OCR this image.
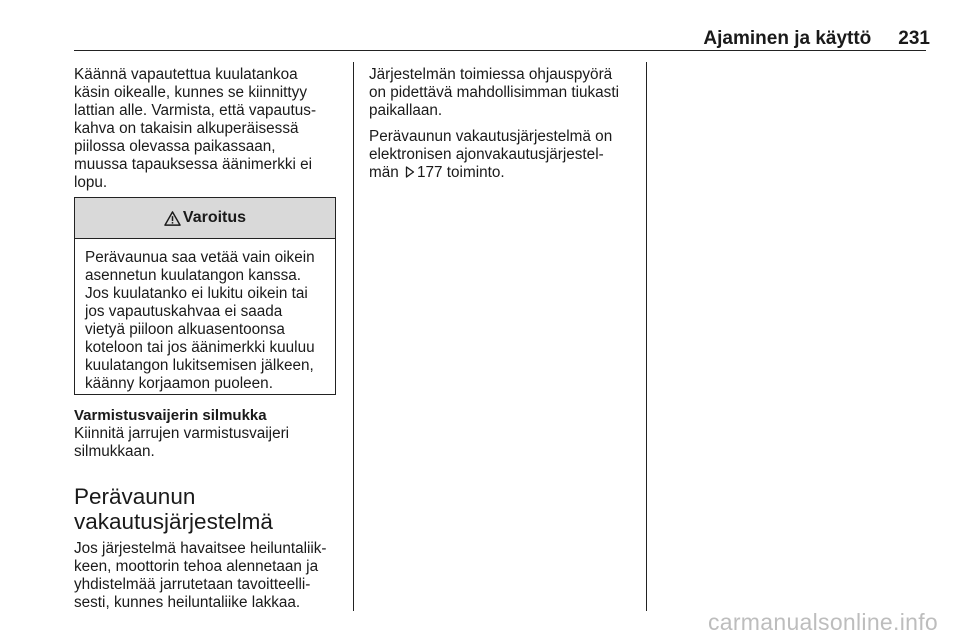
Ajaminen ja käyttö 231

Käännä vapautettua kuulatankoa
käsin oikealle, kunnes se kiinnittyy
lattian alle. Varmista, että vapautus-
kahva on takaisin alkuperäisessä
piilossa olevassa paikassaan,
muussa tapauksessa äänimerkki ei
lopu.

Varoitus
Perävaunua saa vetää vain oikein
asennetun kuulatangon kanssa.
Jos kuulatanko ei lukitu oikein tai
jos vapautuskahvaa ei saada
vietyä piiloon alkuasentoonsa
koteloon tai jos äänimerkki kuuluu
kuulatangon lukitsemisen jälkeen,
käänny korjaamon puoleen.
Varmistusvaijerin silmukka

Kiinnitä jarrujen varmistusvaijeri
silmukkaan.

Perävaunun
vakautusjärjestelmä

Jos järjestelmä havaitsee heiluntaliik-
keen, moottorin tehoa alennetaan ja
yhdistelmää jarrutetaan tavoitteelli-
sesti, kunnes heiluntaliike lakkaa.

Järjestelmän toimiessa ohjauspyörä
on pidettävä mahdollisimman tiukasti
paikallaan.

Perävaunun vakautusjärjestelmä on
elektronisen ajonvakautusjärjestel-
män 177 toiminto.

carmanualsonline.info
